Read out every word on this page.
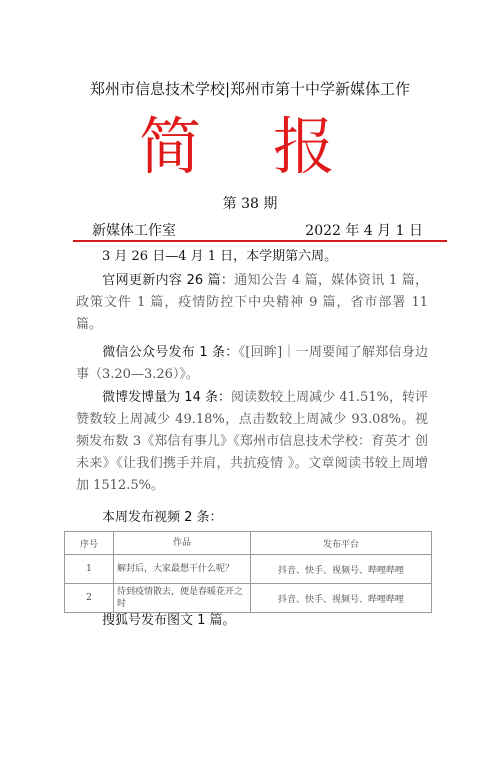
郑州市信息技术学校|郑州市第十中学新媒体工作
简 报
第 38 期
新媒体工作室	2022 年 4 月 1 日
3 月 26 日—4 月 1 日，本学期第六周。
官网更新内容 26 篇：通知公告 4 篇，媒体资讯 1 篇，政策文件 1 篇，疫情防控下中央精神 9 篇，省市部署 11 篇。
微信公众号发布 1 条：《[回眸]｜一周要闻了解郑信身边事（3.20—3.26）》。
微博发博量为 14 条：阅读数较上周减少 41.51%，转评赞数较上周减少 49.18%，点击数较上周减少 93.08%。视频发布数 3《郑信有事儿》《郑州市信息技术学校：育英才 创未来》《让我们携手并肩，共抗疫情 》。文章阅读书较上周增加 1512.5%。
本周发布视频 2 条：
序号	作品	发布平台
1	解封后，大家最想干什么呢？	抖音、快手、视频号、哔哩哔哩
2	待到疫情散去，便是春暖花开之时	抖音、快手、视频号、哔哩哔哩
搜狐号发布图文 1 篇。
